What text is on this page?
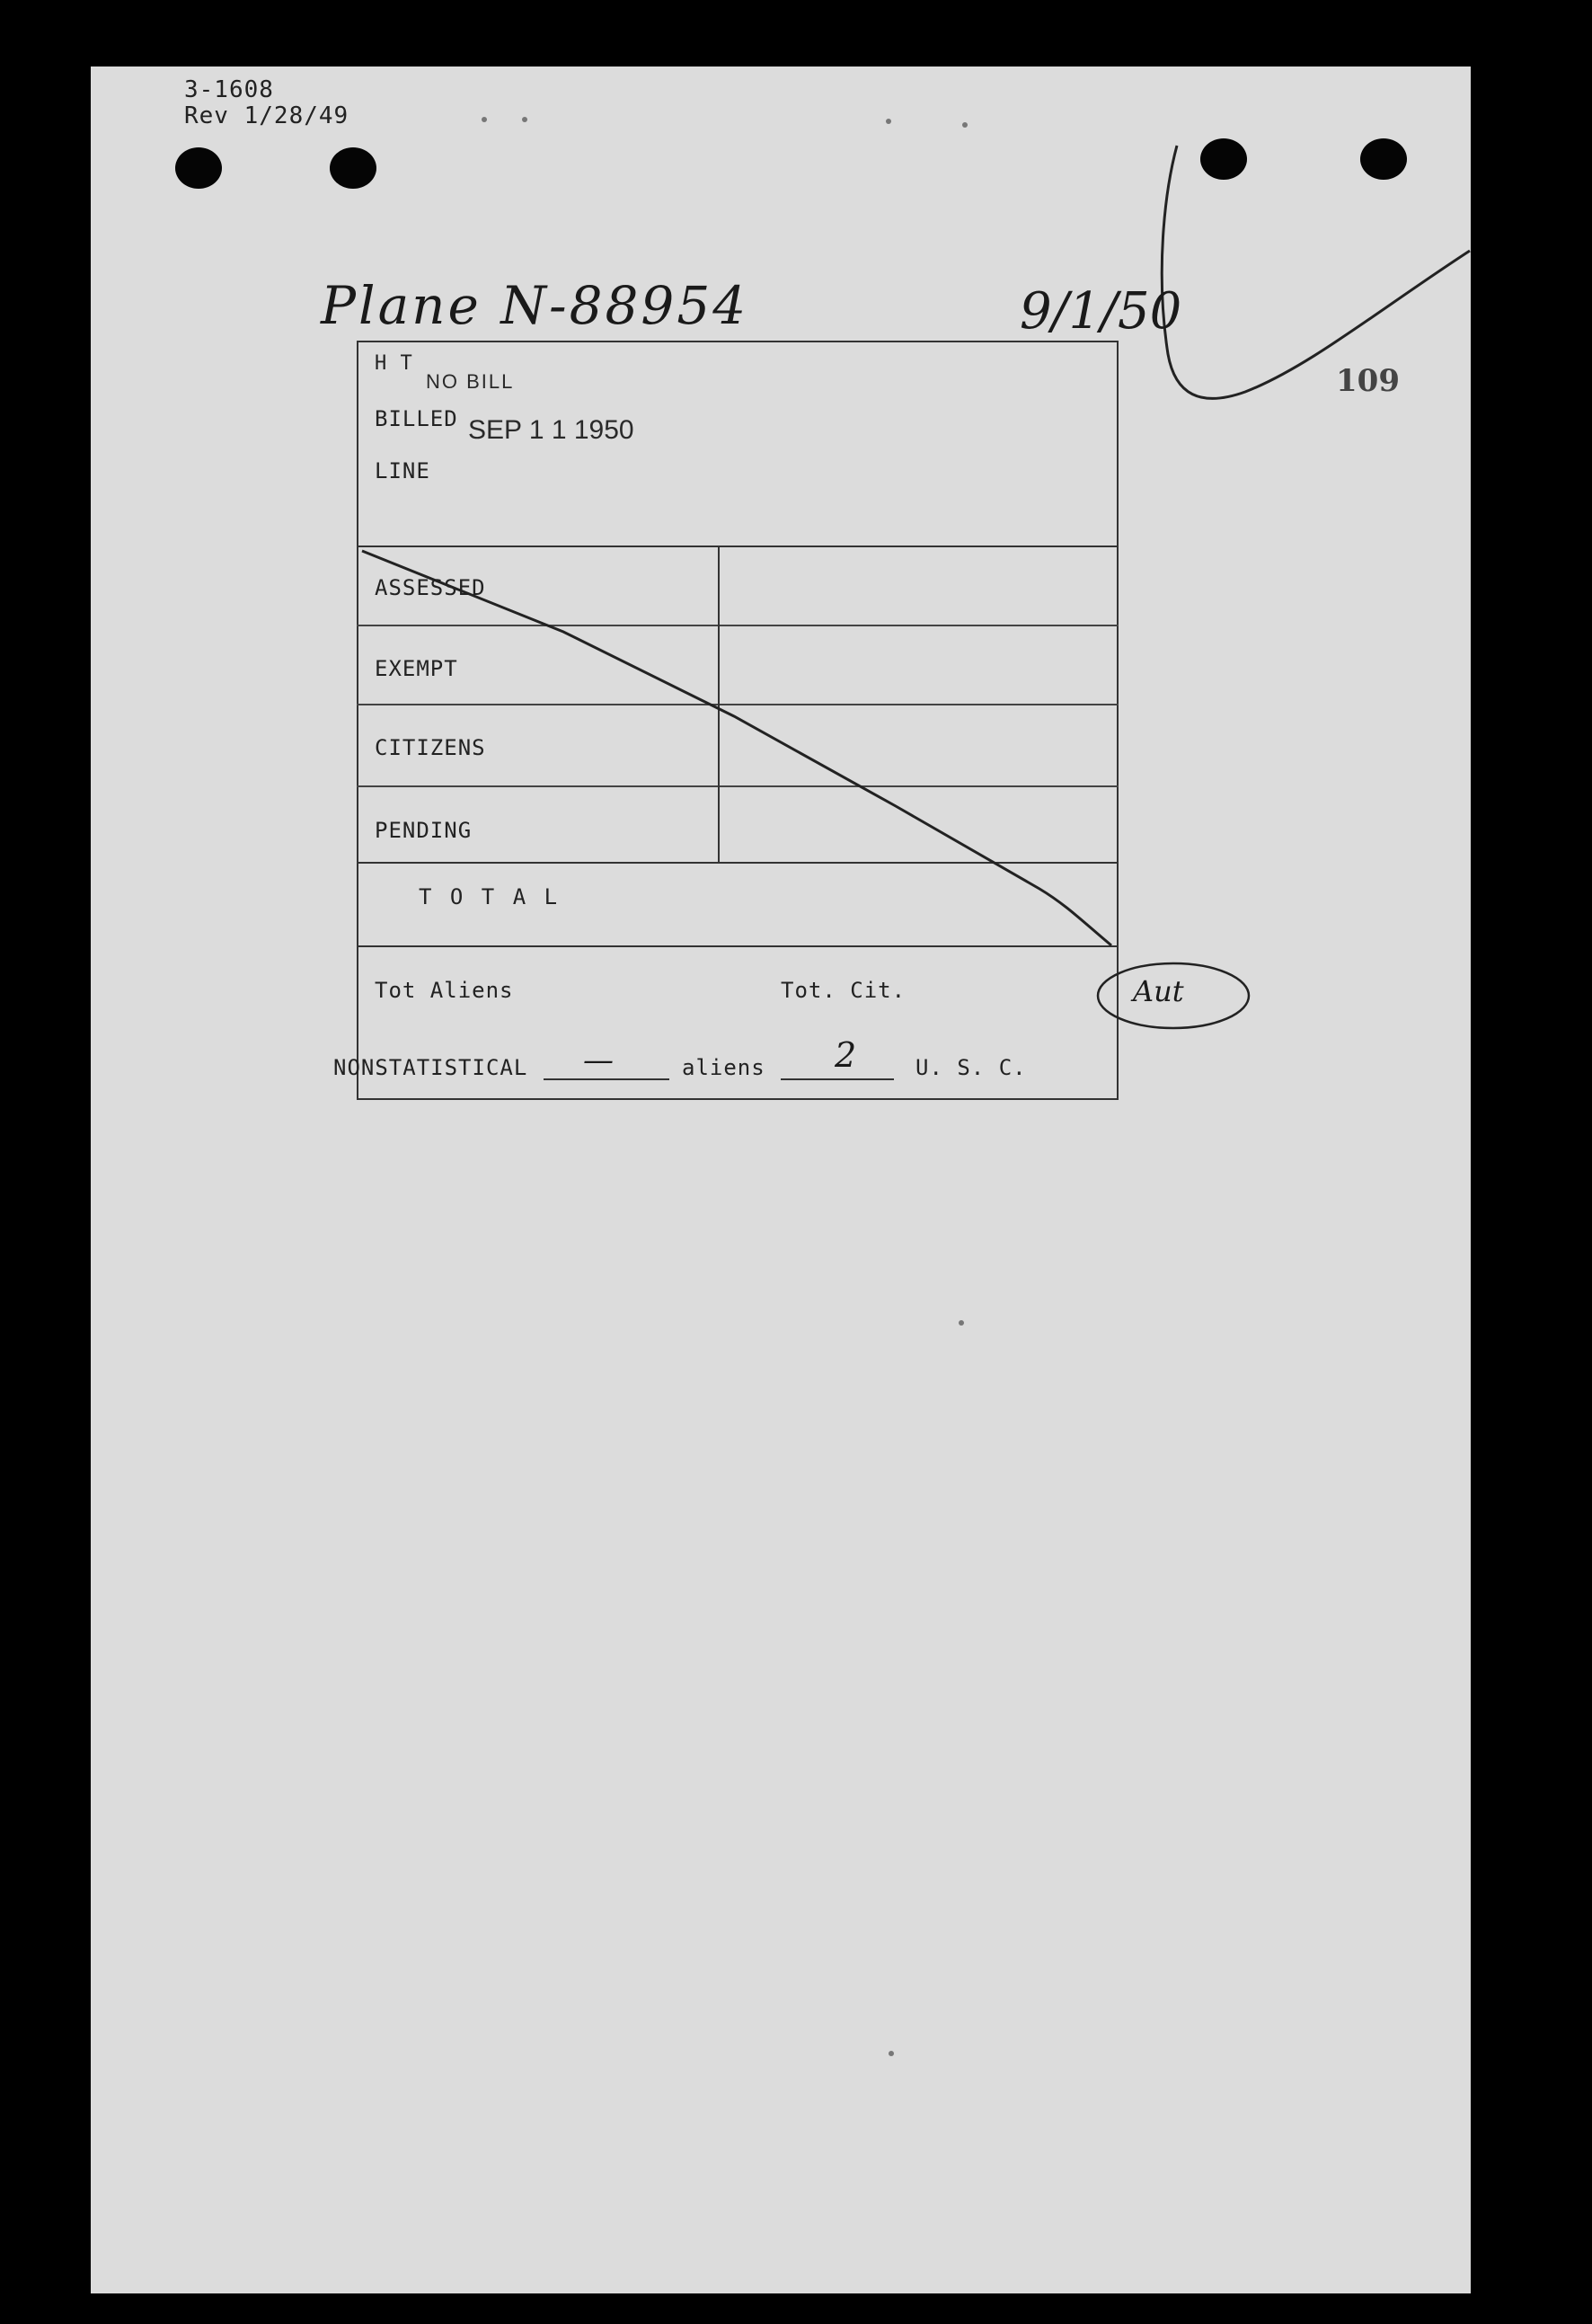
3-1608
Rev 1/28/49
109
Plane N-88954	9/1/50
H T
NO BILL
BILLED SEP 1 1 1950
LINE
ASSESSED
EXEMPT
CITIZENS
PENDING
T O T A L
Tot Aliens	Tot. Cit.	Aut
NONSTATISTICAL —	aliens 2	U. S. C.
